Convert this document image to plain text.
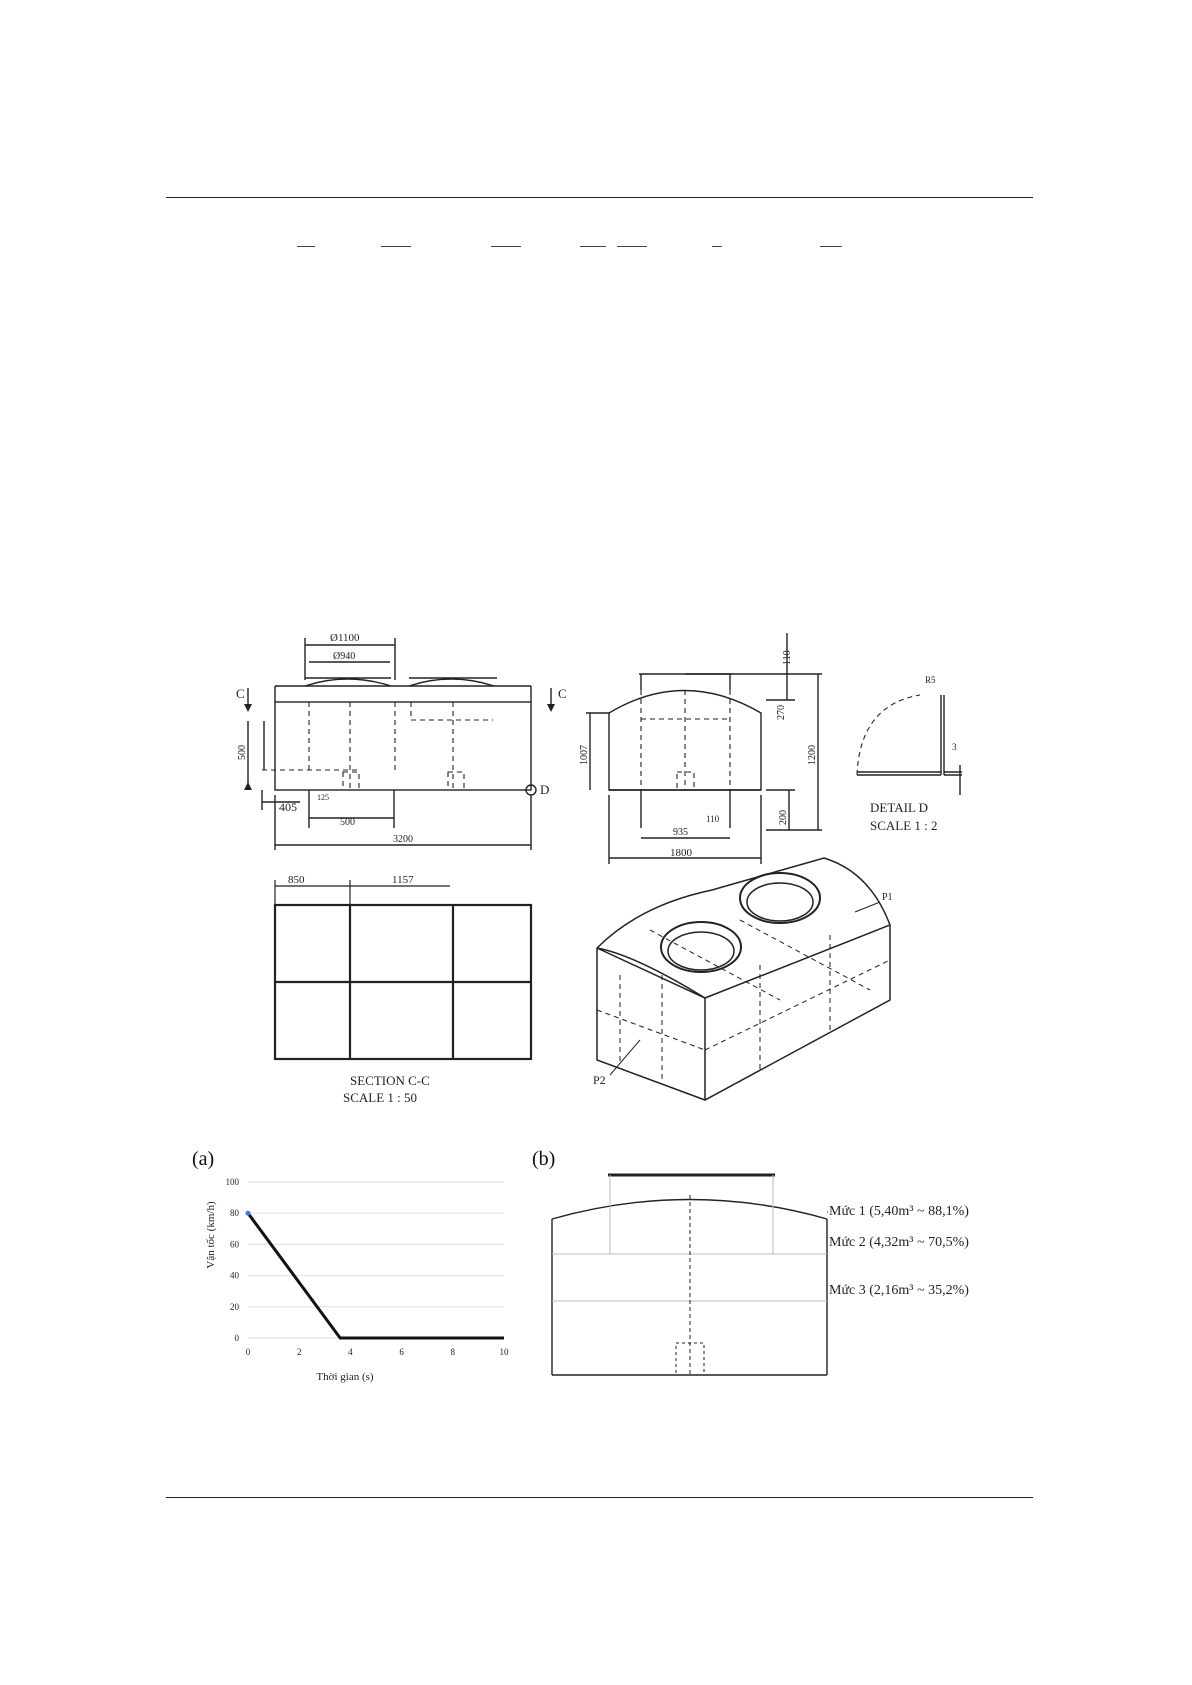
C	C
D
Ø1100
Ø940
500
405
125
500
3200
110
1007	1200
270
200
935
110
1800
R5
3
DETAIL D
SCALE 1 : 2
850	1157
SECTION C-C
SCALE 1 : 50
P1
P2
(a)
0
20
40
60
80
100
0	2	4	6	8	10
Thời gian (s)
Vận tốc (km/h)
(b)
Mức 1 (5,40m³ ~ 88,1%)
Mức 2 (4,32m³ ~ 70,5%)
Mức 3 (2,16m³ ~ 35,2%)
